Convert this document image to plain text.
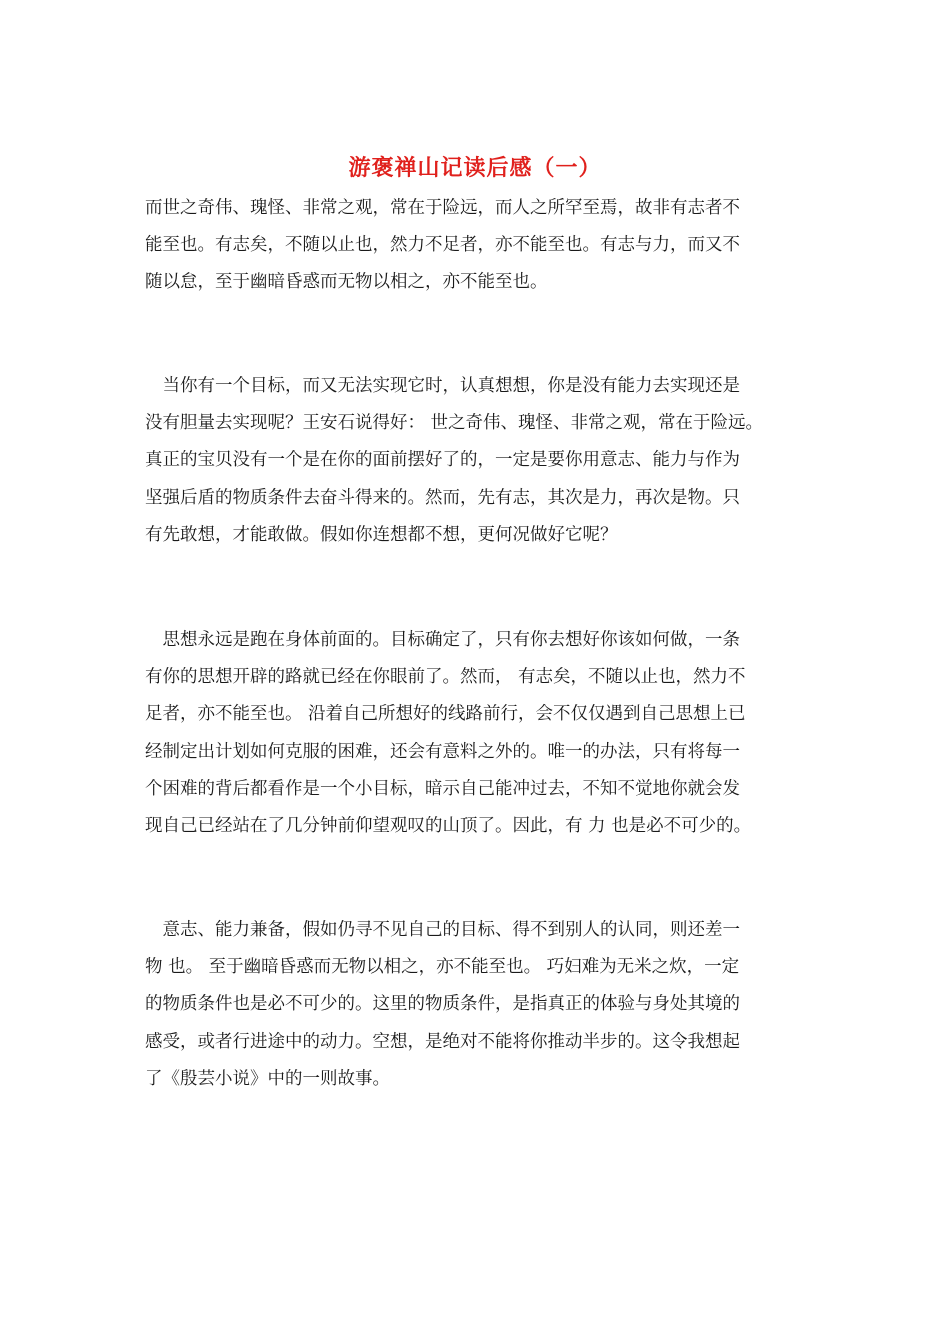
游褒禅山记读后感（一）
而世之奇伟、瑰怪、非常之观，常在于险远，而人之所罕至焉，故非有志者不
能至也。有志矣，不随以止也，然力不足者，亦不能至也。有志与力，而又不
随以怠，至于幽暗昏惑而无物以相之，亦不能至也。
　当你有一个目标，而又无法实现它时，认真想想，你是没有能力去实现还是
没有胆量去实现呢？王安石说得好： 世之奇伟、瑰怪、非常之观，常在于险远。
真正的宝贝没有一个是在你的面前摆好了的，一定是要你用意志、能力与作为
坚强后盾的物质条件去奋斗得来的。然而，先有志，其次是力，再次是物。只
有先敢想，才能敢做。假如你连想都不想，更何况做好它呢？
　思想永远是跑在身体前面的。目标确定了，只有你去想好你该如何做，一条
有你的思想开辟的路就已经在你眼前了。然而， 有志矣，不随以止也，然力不
足者，亦不能至也。 沿着自己所想好的线路前行，会不仅仅遇到自己思想上已
经制定出计划如何克服的困难，还会有意料之外的。唯一的办法，只有将每一
个困难的背后都看作是一个小目标，暗示自己能冲过去，不知不觉地你就会发
现自己已经站在了几分钟前仰望观叹的山顶了。因此，有 力 也是必不可少的。
　意志、能力兼备，假如仍寻不见自己的目标、得不到别人的认同，则还差一
物 也。 至于幽暗昏惑而无物以相之，亦不能至也。 巧妇难为无米之炊，一定
的物质条件也是必不可少的。这里的物质条件，是指真正的体验与身处其境的
感受，或者行进途中的动力。空想，是绝对不能将你推动半步的。这令我想起
了《殷芸小说》中的一则故事。
